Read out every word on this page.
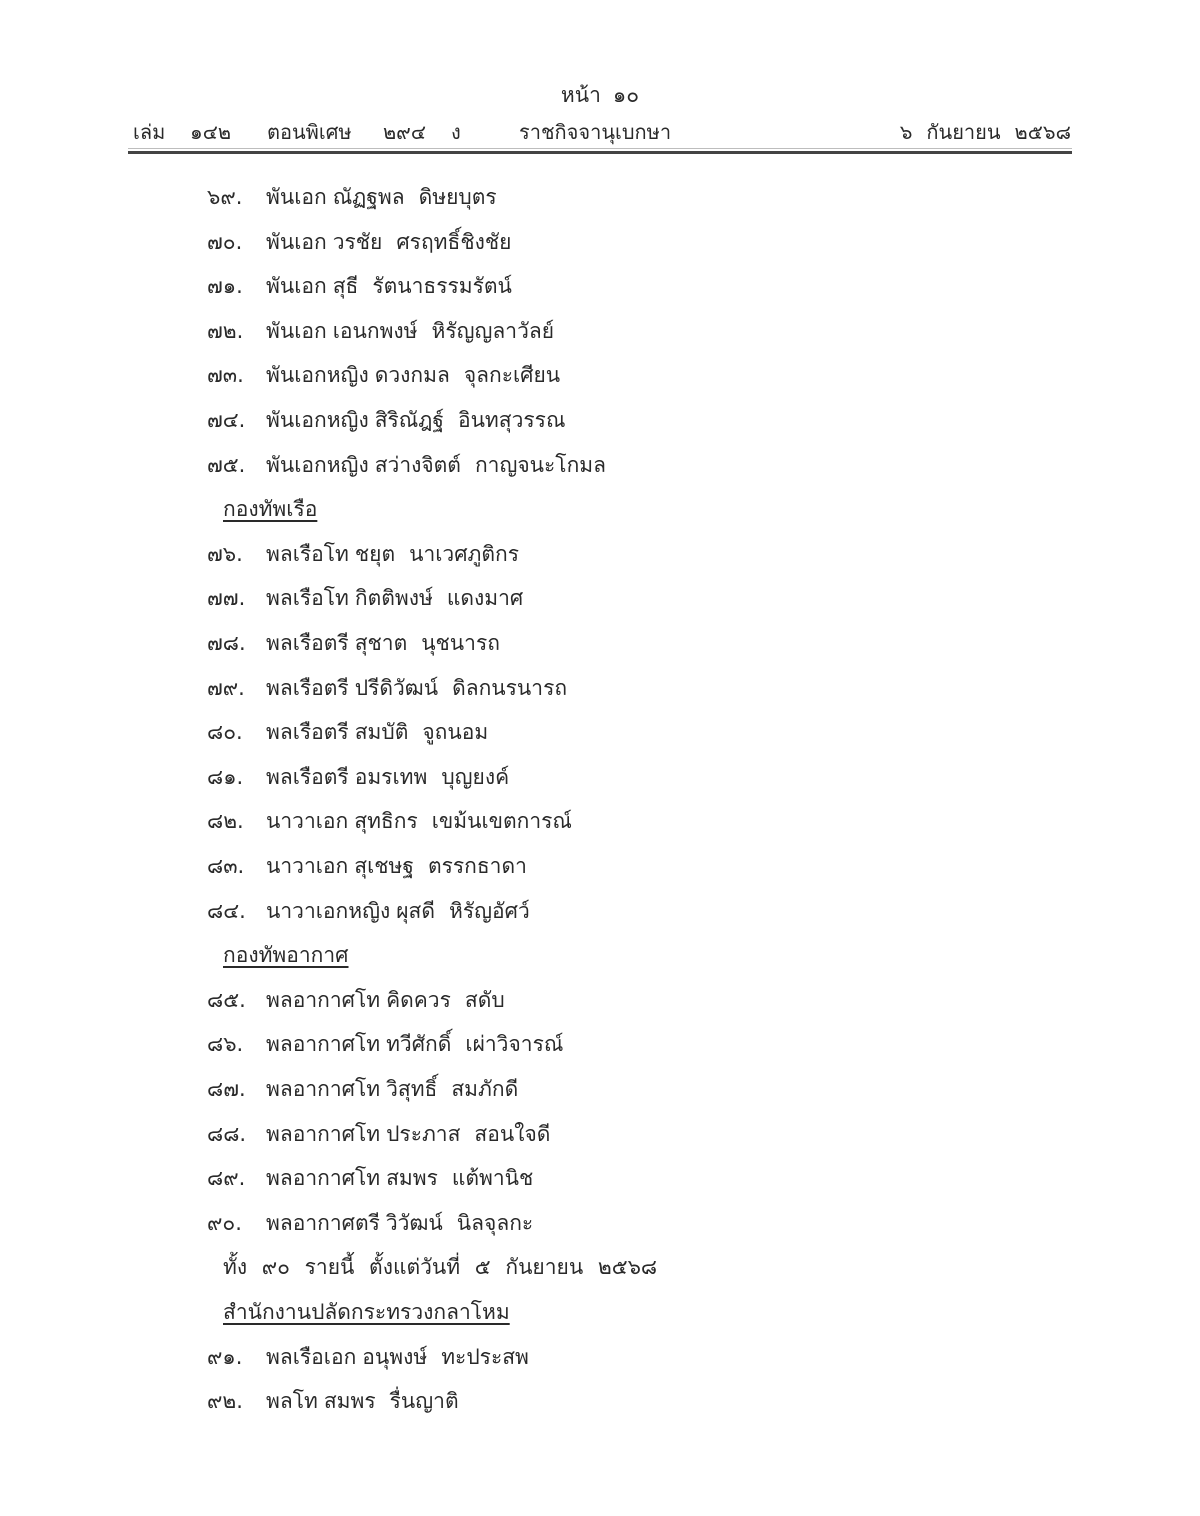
หน้า ๑๐
เล่ม ๑๔๒ ตอนพิเศษ ๒๙๔ ง	ราชกิจจานุเบกษา	๖ กันยายน ๒๕๖๘
๖๙.	พันเอก ณัฏฐพล ดิษยบุตร
๗๐.	พันเอก วรชัย ศรฤทธิ์ชิงชัย
๗๑.	พันเอก สุธี รัตนาธรรมรัตน์
๗๒.	พันเอก เอนกพงษ์ หิรัญญลาวัลย์
๗๓.	พันเอกหญิง ดวงกมล จุลกะเศียน
๗๔. พันเอกหญิง สิริณัฎฐ์ อินทสุวรรณ
๗๕. พันเอกหญิง สว่างจิตต์ กาญจนะโกมล
กองทัพเรือ
๗๖.	พลเรือโท ชยุต นาเวศภูติกร
๗๗. พลเรือโท กิตติพงษ์ แดงมาศ
๗๘. พลเรือตรี สุชาต นุชนารถ
๗๙.	พลเรือตรี ปรีดิวัฒน์ ดิลกนรนารถ
๘๐.	พลเรือตรี สมบัติ จูถนอม
๘๑.	พลเรือตรี อมรเทพ บุญยงค์
๘๒.	นาวาเอก สุทธิกร เขม้นเขตการณ์
๘๓.	นาวาเอก สุเชษฐ ตรรกธาดา
๘๔. นาวาเอกหญิง ผุสดี หิรัญอัศว์
กองทัพอากาศ
๘๕. พลอากาศโท คิดควร สดับ
๘๖.	พลอากาศโท ทวีศักดิ์ เผ่าวิจารณ์
๘๗. พลอากาศโท วิสุทธิ์ สมภักดี
๘๘. พลอากาศโท ประภาส สอนใจดี
๘๙. พลอากาศโท สมพร แต้พานิช
๙๐.	พลอากาศตรี วิวัฒน์ นิลจุลกะ
ทั้ง ๙๐ รายนี้ ตั้งแต่วันที่ ๕ กันยายน ๒๕๖๘
สำนักงานปลัดกระทรวงกลาโหม
๙๑.	พลเรือเอก อนุพงษ์ ทะประสพ
๙๒.	พลโท สมพร รื่นญาติ
